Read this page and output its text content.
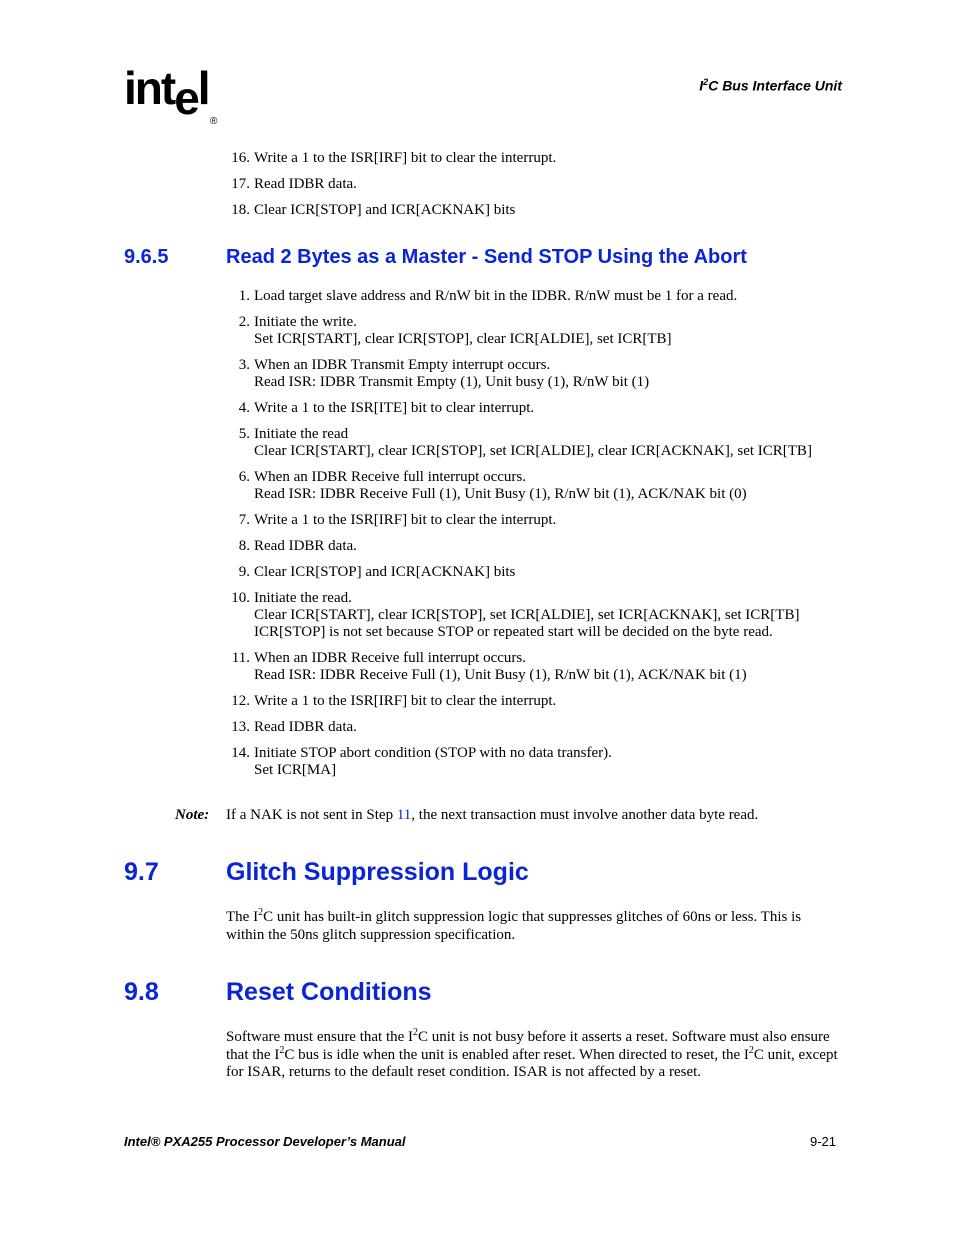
intel
®
$I^2C$ Bus Interface Unit
16. Write a 1 to the ISR[IRF] bit to clear the interrupt.
17. Read IDBR data.
18. Clear ICR[STOP] and ICR[ACKNAK] bits
9.6.5	Read 2 Bytes as a Master - Send STOP Using the Abort
1. Load target slave address and R/nW bit in the IDBR. R/nW must be 1 for a read.
2. Initiate the write.
Set ICR[START], clear ICR[STOP], clear ICR[ALDIE], set ICR[TB]
3. When an IDBR Transmit Empty interrupt occurs.
Read ISR: IDBR Transmit Empty (1), Unit busy (1), R/nW bit (1)
4. Write a 1 to the ISR[ITE] bit to clear interrupt.
5. Initiate the read
Clear ICR[START], clear ICR[STOP], set ICR[ALDIE], clear ICR[ACKNAK], set ICR[TB]
6. When an IDBR Receive full interrupt occurs.
Read ISR: IDBR Receive Full (1), Unit Busy (1), R/nW bit (1), ACK/NAK bit (0)
7. Write a 1 to the ISR[IRF] bit to clear the interrupt.
8. Read IDBR data.
9. Clear ICR[STOP] and ICR[ACKNAK] bits
10. Initiate the read.
Clear ICR[START], clear ICR[STOP], set ICR[ALDIE], set ICR[ACKNAK], set ICR[TB]
ICR[STOP] is not set because STOP or repeated start will be decided on the byte read.
11. When an IDBR Receive full interrupt occurs.
Read ISR: IDBR Receive Full (1), Unit Busy (1), R/nW bit (1), ACK/NAK bit (1)
12. Write a 1 to the ISR[IRF] bit to clear the interrupt.
13. Read IDBR data.
14. Initiate STOP abort condition (STOP with no data transfer).
Set ICR[MA]
Note: If a NAK is not sent in Step 11, the next transaction must involve another data byte read.
9.7	Glitch Suppression Logic
The $I^2C$ unit has built-in glitch suppression logic that suppresses glitches of 60ns or less. This is within the 50ns glitch suppression specification.
9.8	Reset Conditions
Software must ensure that the $I^2C$ unit is not busy before it asserts a reset. Software must also ensure that the $I^2C$ bus is idle when the unit is enabled after reset. When directed to reset, the $I^2C$ unit, except for ISAR, returns to the default reset condition. ISAR is not affected by a reset.
Intel® PXA255 Processor Developer’s Manual	9-21
